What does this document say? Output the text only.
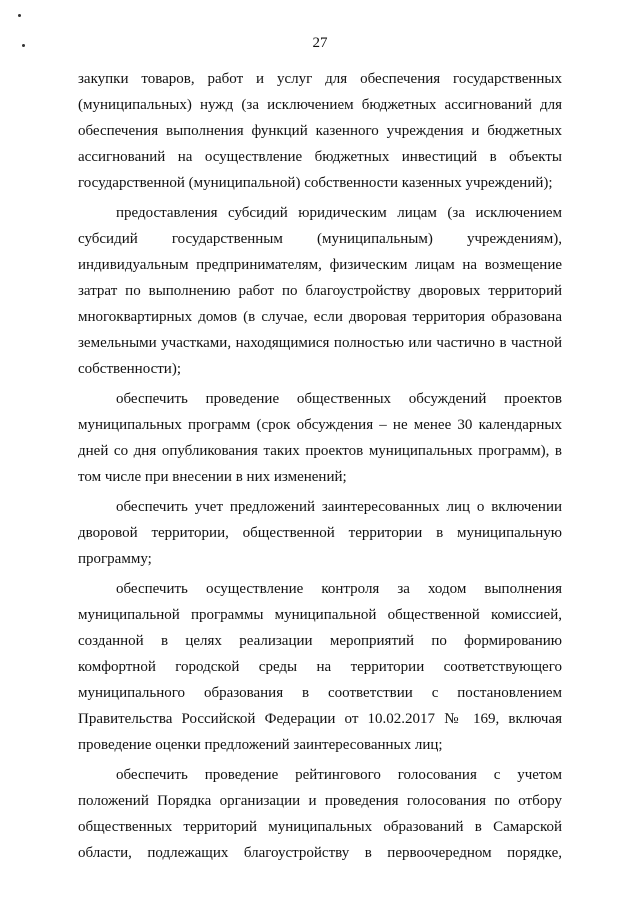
27

закупки товаров, работ и услуг для обеспечения государственных
(муниципальных) нужд (за исключением бюджетных ассигнований для
обеспечения выполнения функций казенного учреждения и бюджетных
ассигнований на осуществление бюджетных инвестиций в объекты
государственной (муниципальной) собственности казенных учреждений);

предоставления субсидий юридическим лицам (за исключением
субсидий государственным (муниципальным) учреждениям),
индивидуальным предпринимателям, физическим лицам на возмещение
затрат по выполнению работ по благоустройству дворовых территорий
многоквартирных домов (в случае, если дворовая территория образована
земельными участками, находящимися полностью или частично в частной
собственности);

обеспечить проведение общественных обсуждений проектов
муниципальных программ (срок обсуждения – не менее 30 календарных
дней со дня опубликования таких проектов муниципальных программ), в
том числе при внесении в них изменений;

обеспечить учет предложений заинтересованных лиц о включении
дворовой территории, общественной территории в муниципальную
программу;

обеспечить осуществление контроля за ходом выполнения
муниципальной программы муниципальной общественной комиссией,
созданной в целях реализации мероприятий по формированию
комфортной городской среды на территории соответствующего
муниципального образования в соответствии с постановлением
Правительства Российской Федерации от 10.02.2017 № 169, включая
проведение оценки предложений заинтересованных лиц;

обеспечить проведение рейтингового голосования с учетом
положений Порядка организации и проведения голосования по отбору
общественных территорий муниципальных образований в Самарской
области, подлежащих благоустройству в первоочередном порядке,
